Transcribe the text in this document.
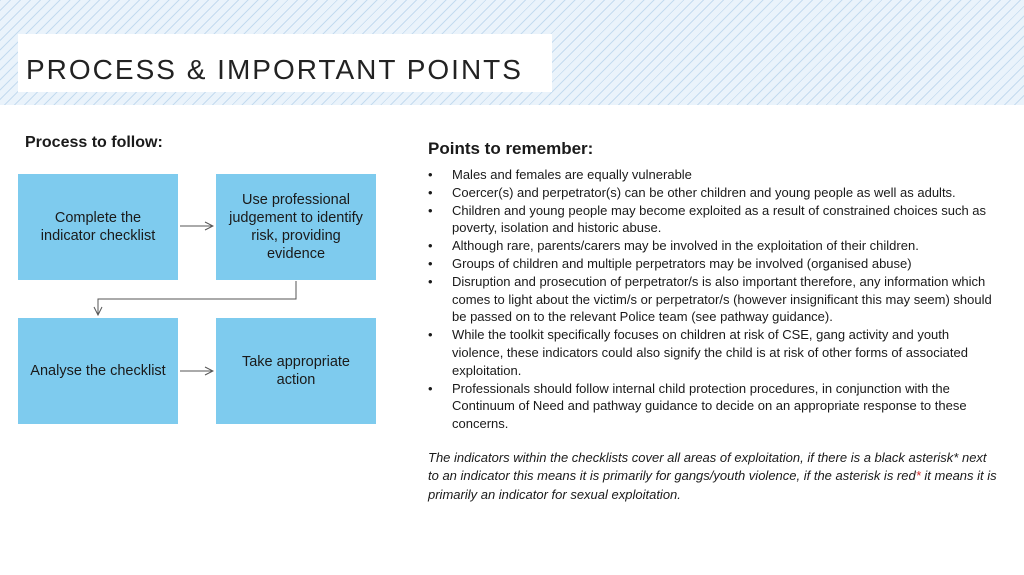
PROCESS & IMPORTANT POINTS

Process to follow:

Complete the indicator checklist
Use professional judgement to identify risk, providing evidence
Analyse the checklist
Take appropriate action

Points to remember:

•	Males and females are equally vulnerable
•	Coercer(s) and perpetrator(s) can be other children and young people as well as adults.
•	Children and young people may become exploited as a result of constrained choices such as poverty, isolation and historic abuse.
•	Although rare, parents/carers may be involved in the exploitation of their children.
•	Groups of children and multiple perpetrators may be involved (organised abuse)
•	Disruption and prosecution of perpetrator/s is also important therefore, any information which comes to light about the victim/s or perpetrator/s (however insignificant this may seem) should be passed on to the relevant Police team (see pathway guidance).
•	While the toolkit specifically focuses on children at risk of CSE, gang activity and youth violence, these indicators could also signify the child is at risk of other forms of associated exploitation.
•	Professionals should follow internal child protection procedures, in conjunction with the Continuum of Need and pathway guidance to decide on an appropriate response to these concerns.

The indicators within the checklists cover all areas of exploitation, if there is a black asterisk* next to an indicator this means it is primarily for gangs/youth violence, if the asterisk is red* it means it is primarily an indicator for sexual exploitation.
